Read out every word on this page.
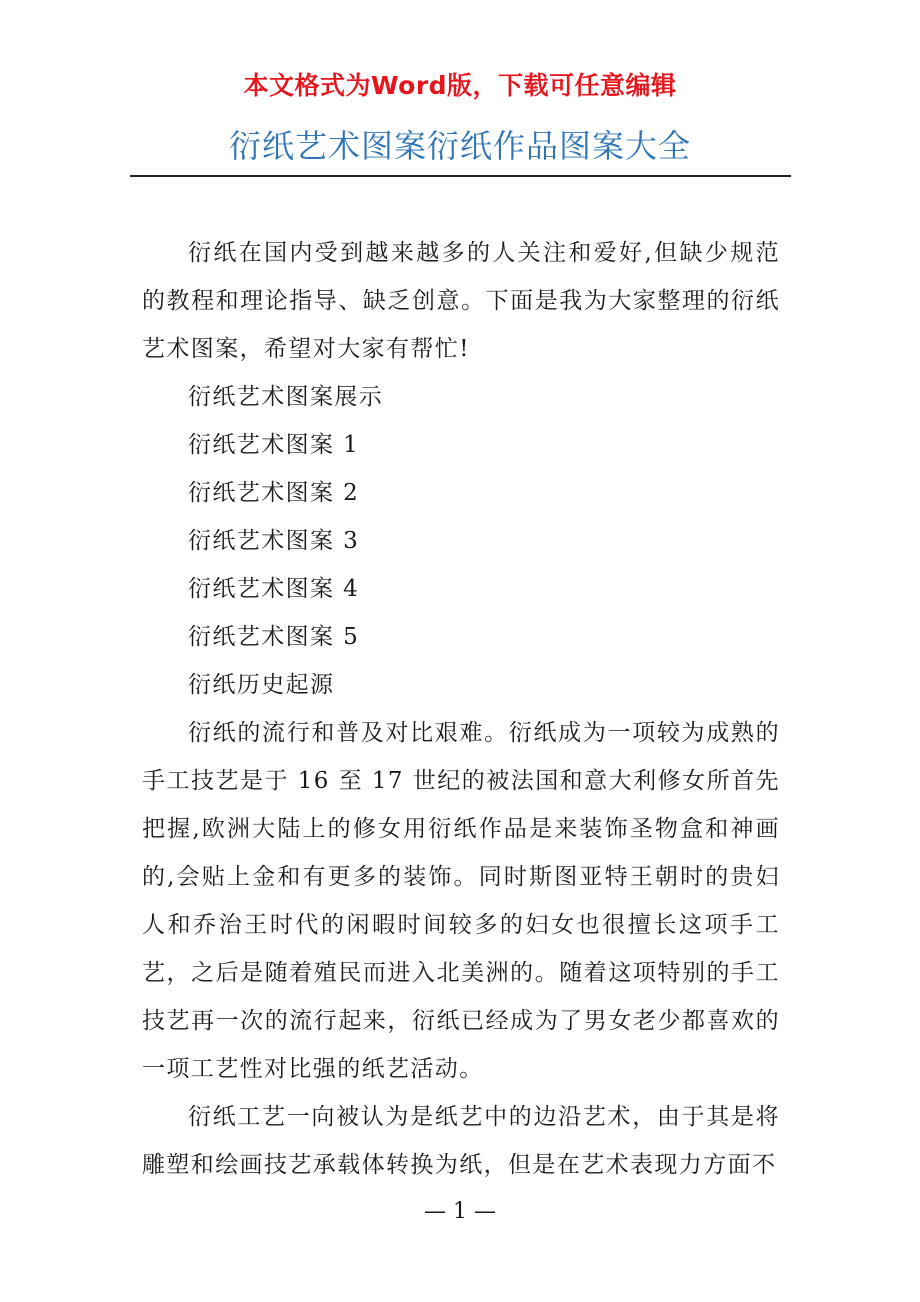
本文格式为Word版，下载可任意编辑
衍纸艺术图案衍纸作品图案大全

衍纸在国内受到越来越多的人关注和爱好,但缺少规范的教程和理论指导、缺乏创意。下面是我为大家整理的衍纸艺术图案，希望对大家有帮忙!

衍纸艺术图案展示

衍纸艺术图案 1

衍纸艺术图案 2

衍纸艺术图案 3

衍纸艺术图案 4

衍纸艺术图案 5

衍纸历史起源

衍纸的流行和普及对比艰难。衍纸成为一项较为成熟的手工技艺是于 16 至 17 世纪的被法国和意大利修女所首先把握,欧洲大陆上的修女用衍纸作品是来装饰圣物盒和神画的,会贴上金和有更多的装饰。同时斯图亚特王朝时的贵妇人和乔治王时代的闲暇时间较多的妇女也很擅长这项手工艺，之后是随着殖民而进入北美洲的。随着这项特别的手工技艺再一次的流行起来，衍纸已经成为了男女老少都喜欢的一项工艺性对比强的纸艺活动。

衍纸工艺一向被认为是纸艺中的边沿艺术，由于其是将雕塑和绘画技艺承载体转换为纸，但是在艺术表现力方面不

— 1 —
